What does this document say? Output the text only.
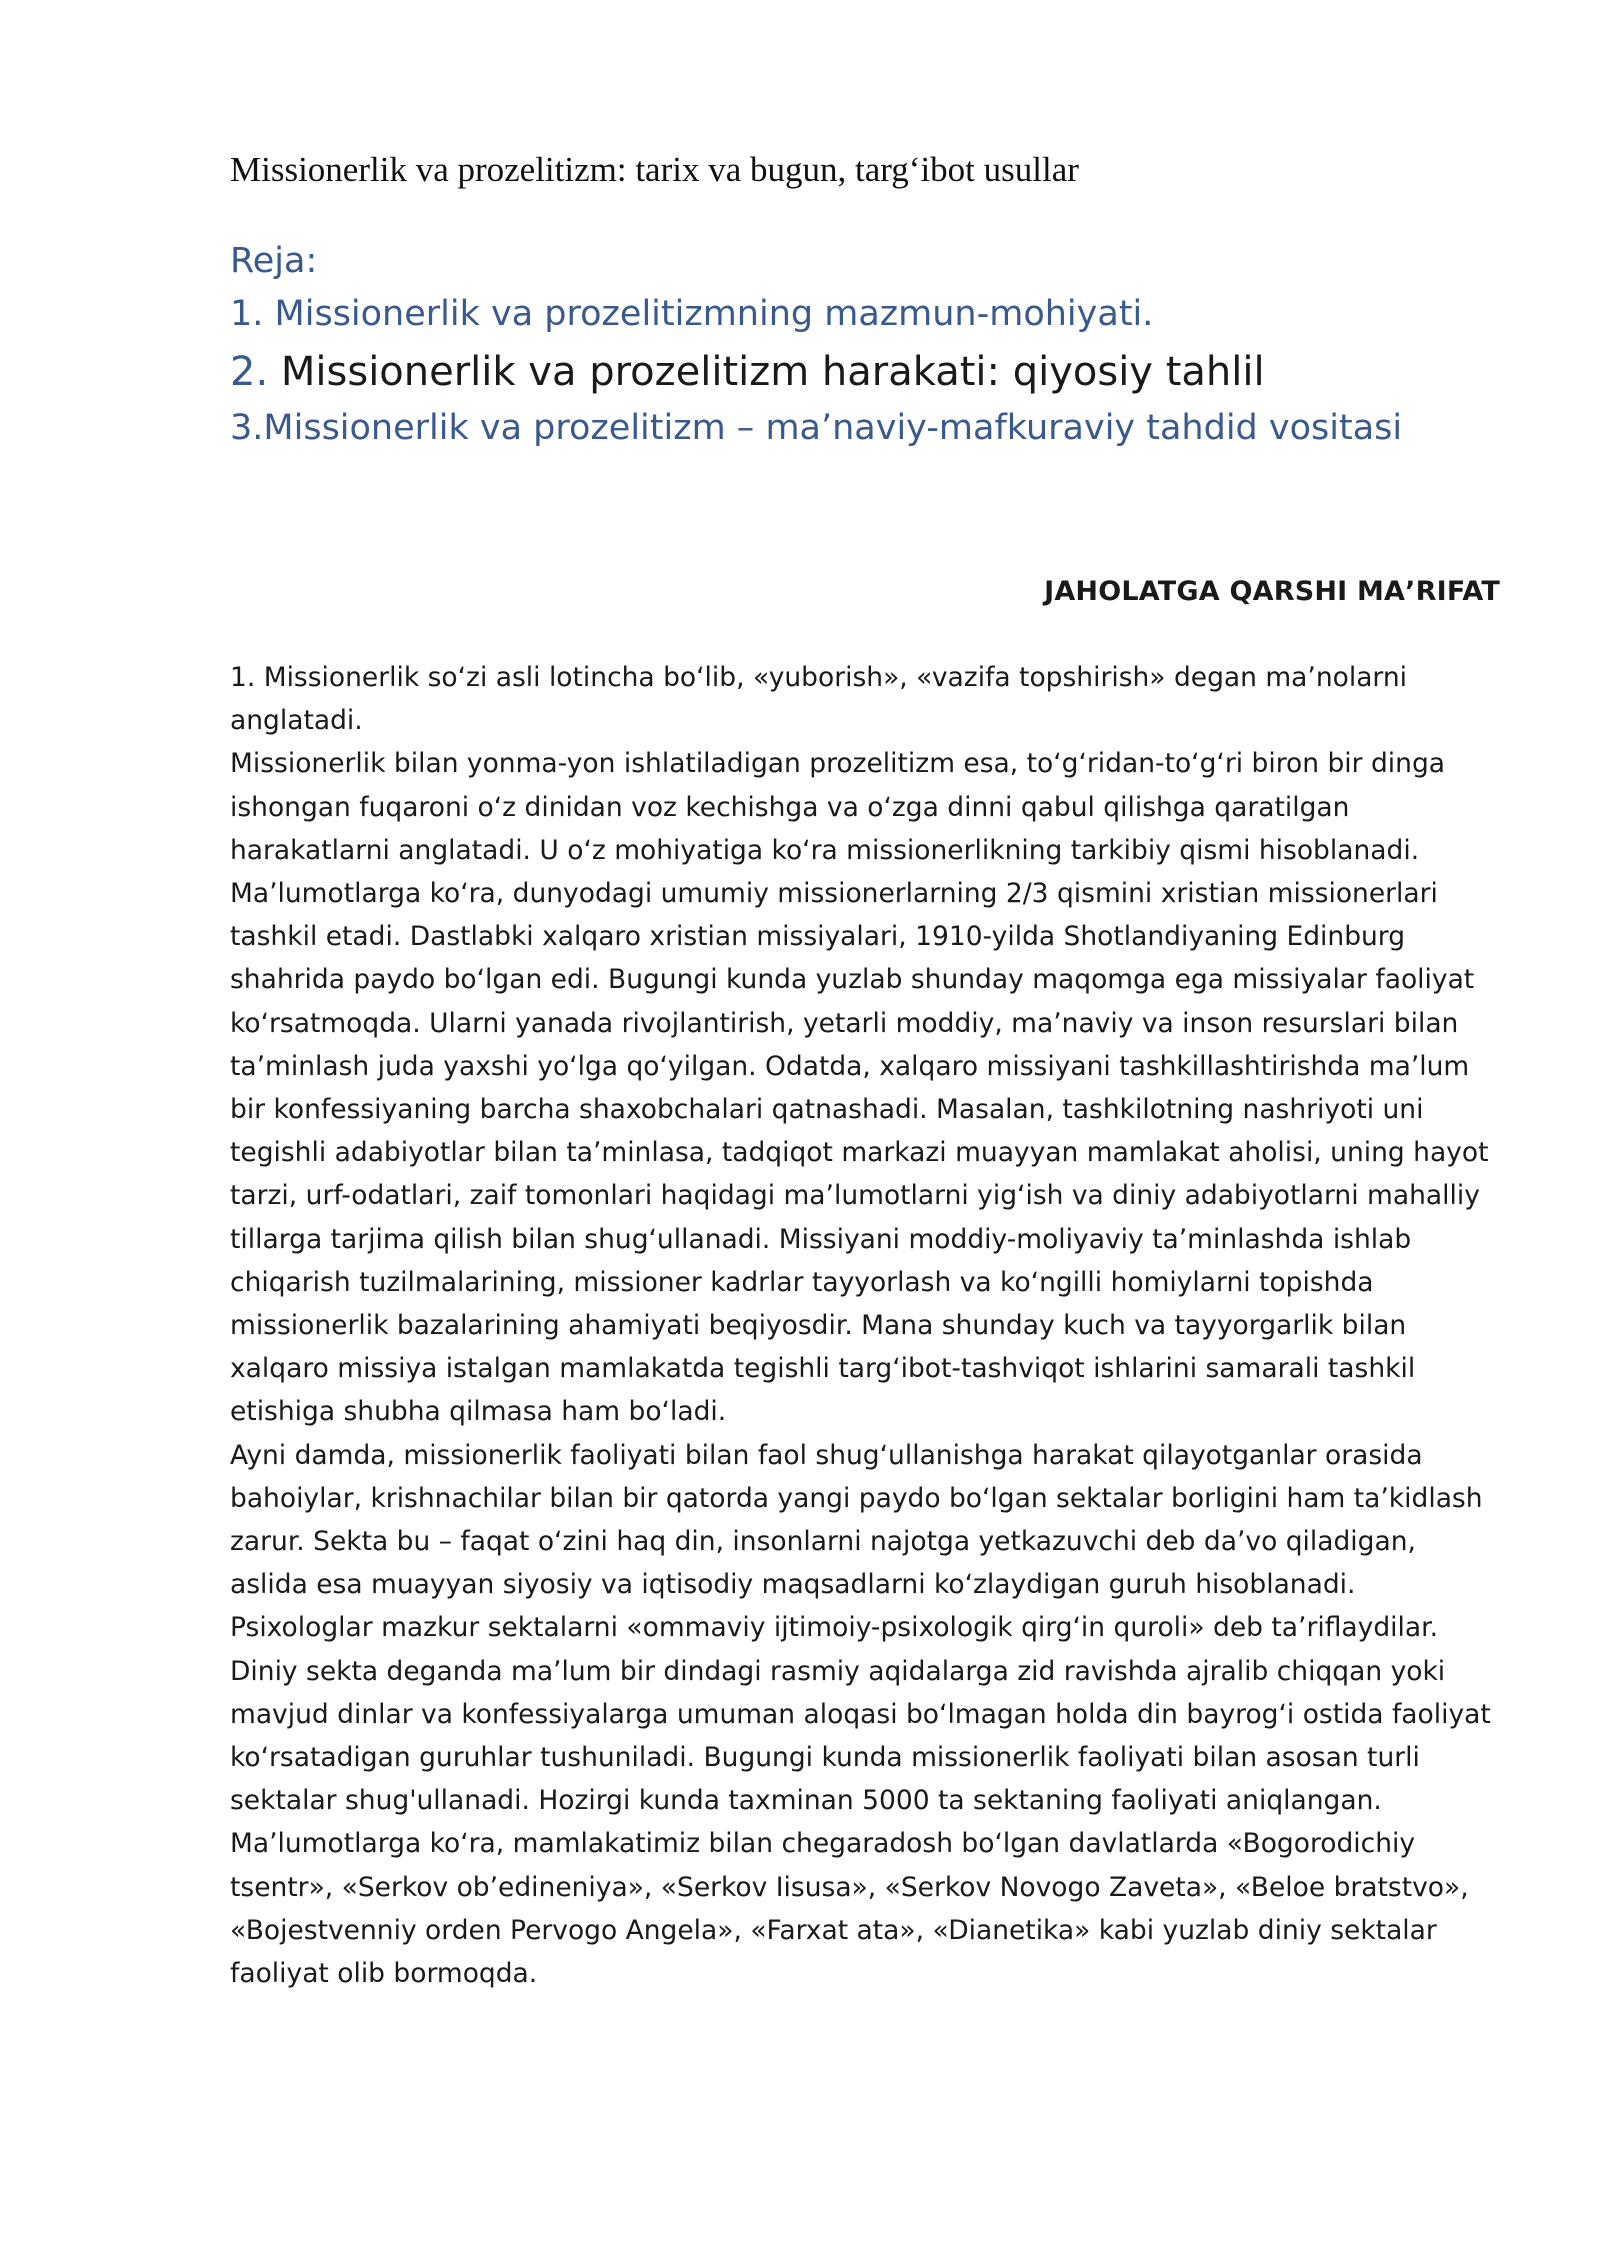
Missionerlik va prozelitizm: tarix va bugun, targ‘ibot usullar
Reja:
1. Missionerlik va prozelitizmning mazmun-mohiyati.
2. Missionerlik va prozelitizm harakati: qiyosiy tahlil
3.Missionerlik va prozelitizm – maʼnaviy-mafkuraviy tahdid vositasi
JAHOLATGA QARSHI MAʼRIFAT

1. Missionerlik soʻzi asli lotincha boʻlib, «yuborish», «vazifa topshirish» degan maʼnolarni anglatadi.

Missionerlik bilan yonma-yon ishlatiladigan prozelitizm esa, toʻgʻridan-toʻgʻri biron bir dinga ishongan fuqaroni oʻz dinidan voz kechishga va oʻzga dinni qabul qilishga qaratilgan harakatlarni anglatadi. U oʻz mohiyatiga koʻra missionerlikning tarkibiy qismi hisoblanadi. Maʼlumotlarga koʻra, dunyodagi umumiy missionerlarning 2/3 qismini xristian missionerlari tashkil etadi. Dastlabki xalqaro xristian missiyalari, 1910-yilda Shotlandiyaning Edinburg shahrida paydo boʻlgan edi. Bugungi kunda yuzlab shunday maqomga ega missiyalar faoliyat koʻrsatmoqda. Ularni yanada rivojlantirish, yetarli moddiy, maʼnaviy va inson resurslari bilan taʼminlash juda yaxshi yoʻlga qoʻyilgan. Odatda, xalqaro missiyani tashkillashtirishda maʼlum bir konfessiyaning barcha shaxobchalari qatnashadi. Masalan, tashkilotning nashriyoti uni tegishli adabiyotlar bilan taʼminlasa, tadqiqot markazi muayyan mamlakat aholisi, uning hayot tarzi, urf-odatlari, zaif tomonlari haqidagi maʼlumotlarni yigʻish va diniy adabiyotlarni mahalliy tillarga tarjima qilish bilan shugʻullanadi. Missiyani moddiy-moliyaviy taʼminlashda ishlab chiqarish tuzilmalarining, missioner kadrlar tayyorlash va koʻngilli homiylarni topishda missionerlik bazalarining ahamiyati beqiyosdir. Mana shunday kuch va tayyorgarlik bilan xalqaro missiya istalgan mamlakatda tegishli targʻibot-tashviqot ishlarini samarali tashkil etishiga shubha qilmasa ham boʻladi.

Ayni damda, missionerlik faoliyati bilan faol shugʻullanishga harakat qilayotganlar orasida bahoiylar, krishnachilar bilan bir qatorda yangi paydo boʻlgan sektalar borligini ham taʼkidlash zarur. Sekta bu – faqat oʻzini haq din, insonlarni najotga yetkazuvchi deb daʼvo qiladigan, aslida esa muayyan siyosiy va iqtisodiy maqsadlarni koʻzlaydigan guruh hisoblanadi. Psixologlar mazkur sektalarni «ommaviy ijtimoiy-psixologik qirgʻin quroli» deb taʼriflaydilar.

Diniy sekta deganda maʼlum bir dindagi rasmiy aqidalarga zid ravishda ajralib chiqqan yoki mavjud dinlar va konfessiyalarga umuman aloqasi boʻlmagan holda din bayrogʻi ostida faoliyat koʻrsatadigan guruhlar tushuniladi. Bugungi kunda missionerlik faoliyati bilan asosan turli sektalar shug'ullanadi. Hozirgi kunda taxminan 5000 ta sektaning faoliyati aniqlangan. Maʼlumotlarga koʻra, mamlakatimiz bilan chegaradosh boʻlgan davlatlarda «Bogorodichiy tsentr», «Serkov obʼedineniya», «Serkov Iisusa», «Serkov Novogo Zaveta», «Beloe bratstvo», «Bojestvenniy orden Pervogo Angela», «Farxat ata», «Dianetika» kabi yuzlab diniy sektalar faoliyat olib bormoqda.
